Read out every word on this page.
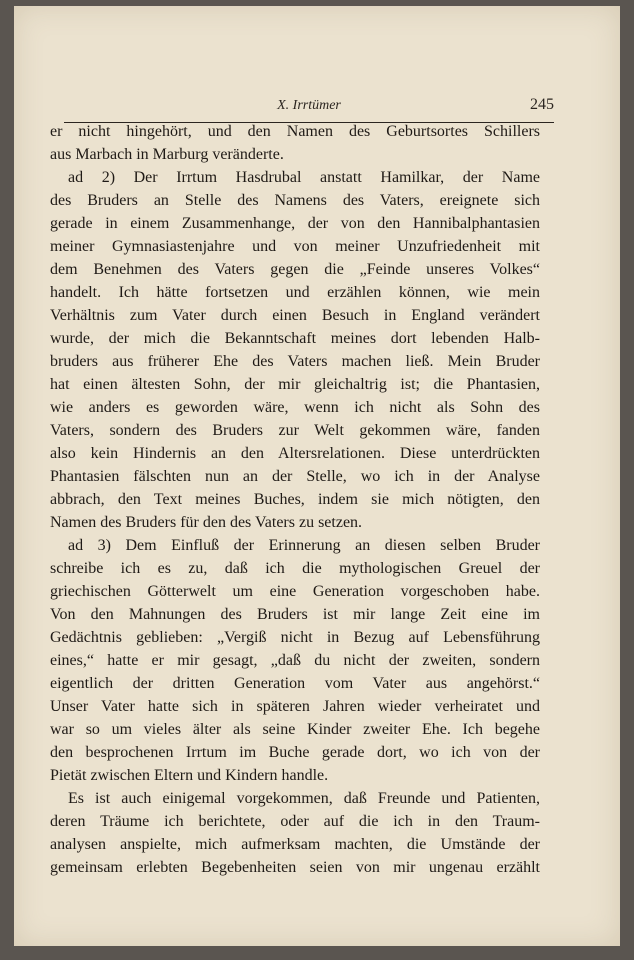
X. Irrtümer	245
er nicht hingehört, und den Namen des Geburtsortes Schillers
aus Marbach in Marburg veränderte.
ad 2) Der Irrtum Hasdrubal anstatt Hamilkar, der Name
des Bruders an Stelle des Namens des Vaters, ereignete sich
gerade in einem Zusammenhange, der von den Hannibalphantasien
meiner Gymnasiastenjahre und von meiner Unzufriedenheit mit
dem Benehmen des Vaters gegen die „Feinde unseres Volkes“
handelt. Ich hätte fortsetzen und erzählen können, wie mein
Verhältnis zum Vater durch einen Besuch in England verändert
wurde, der mich die Bekanntschaft meines dort lebenden Halb-
bruders aus früherer Ehe des Vaters machen ließ. Mein Bruder
hat einen ältesten Sohn, der mir gleichaltrig ist; die Phantasien,
wie anders es geworden wäre, wenn ich nicht als Sohn des
Vaters, sondern des Bruders zur Welt gekommen wäre, fanden
also kein Hindernis an den Altersrelationen. Diese unterdrückten
Phantasien fälschten nun an der Stelle, wo ich in der Analyse
abbrach, den Text meines Buches, indem sie mich nötigten, den
Namen des Bruders für den des Vaters zu setzen.
ad 3) Dem Einfluß der Erinnerung an diesen selben Bruder
schreibe ich es zu, daß ich die mythologischen Greuel der
griechischen Götterwelt um eine Generation vorgeschoben habe.
Von den Mahnungen des Bruders ist mir lange Zeit eine im
Gedächtnis geblieben: „Vergiß nicht in Bezug auf Lebensführung
eines,“ hatte er mir gesagt, „daß du nicht der zweiten, sondern
eigentlich der dritten Generation vom Vater aus angehörst.“
Unser Vater hatte sich in späteren Jahren wieder verheiratet und
war so um vieles älter als seine Kinder zweiter Ehe. Ich begehe
den besprochenen Irrtum im Buche gerade dort, wo ich von der
Pietät zwischen Eltern und Kindern handle.
Es ist auch einigemal vorgekommen, daß Freunde und Patienten,
deren Träume ich berichtete, oder auf die ich in den Traum-
analysen anspielte, mich aufmerksam machten, die Umstände der
gemeinsam erlebten Begebenheiten seien von mir ungenau erzählt
